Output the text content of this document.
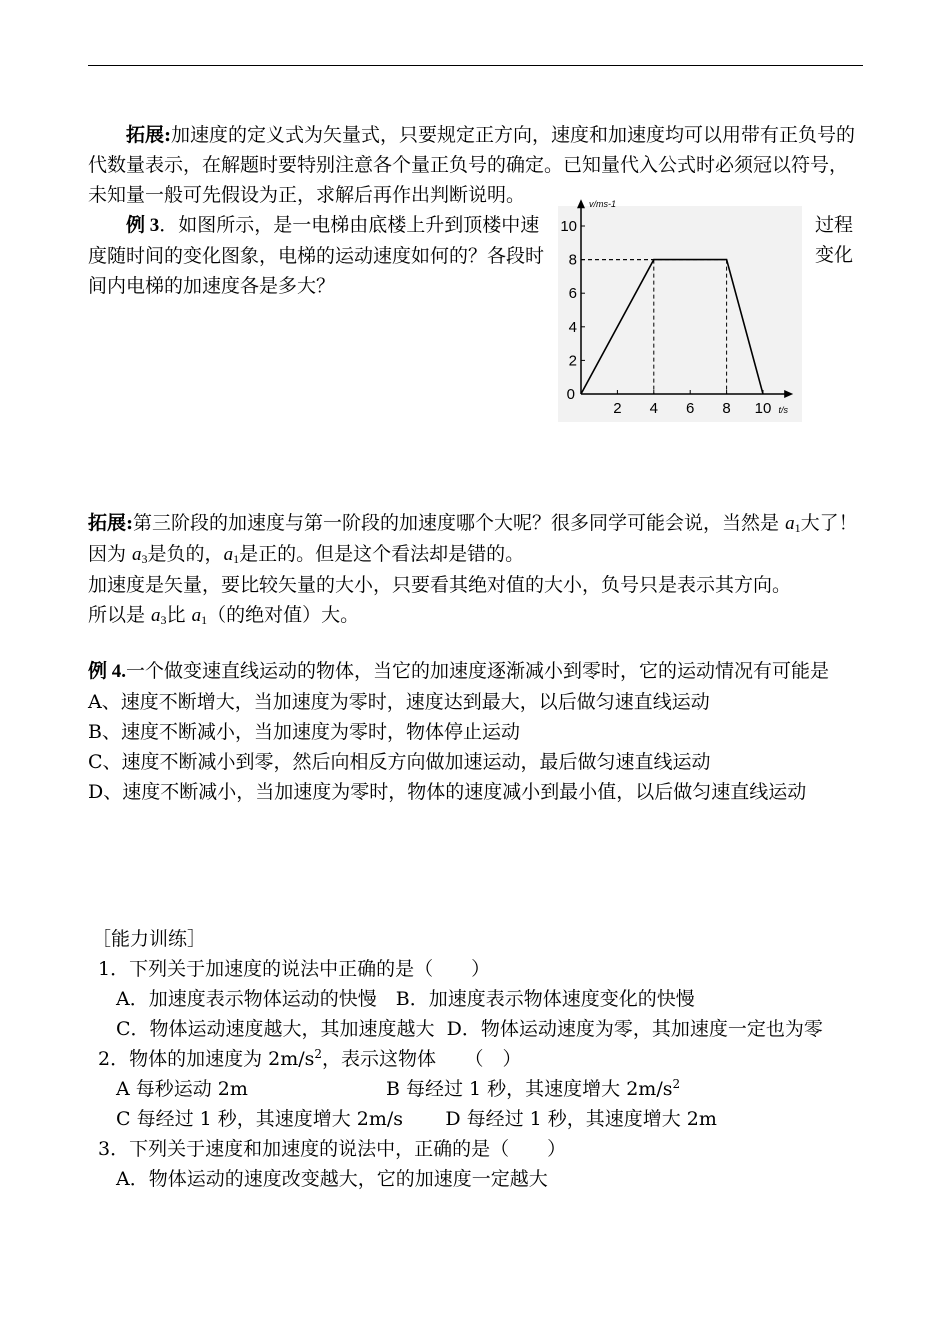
拓展:加速度的定义式为矢量式，只要规定正方向，速度和加速度均可以用带有正负号的代数量表示，在解题时要特别注意各个量正负号的确定。已知量代入公式时必须冠以符号，未知量一般可先假设为正，求解后再作出判断说明。

例 3．如图所示，是一电梯由底楼上升到顶楼中速度随时间的变化图象，电梯的运动速度如何的？各段时间内电梯的加速度各是多大？

过程
变化
2 4 6 8 10
2
4
6
8
10
0
t/s
v/ms-1

拓展:第三阶段的加速度与第一阶段的加速度哪个大呢？很多同学可能会说，当然是 $a_1$大了！ 因为 $a_3$是负的，$a_1$是正的。但是这个看法却是错的。

加速度是矢量，要比较矢量的大小，只要看其绝对值的大小，负号只是表示其方向。

所以是 $a_3$比 $a_1$（的绝对值）大。

例 4.一个做变速直线运动的物体，当它的加速度逐渐减小到零时，它的运动情况有可能是

A、速度不断增大，当加速度为零时，速度达到最大，以后做匀速直线运动

B、速度不断减小，当加速度为零时，物体停止运动

C、速度不断减小到零，然后向相反方向做加速运动，最后做匀速直线运动

D、速度不断减小，当加速度为零时，物体的速度减小到最小值，以后做匀速直线运动

［能力训练］

1．下列关于加速度的说法中正确的是（　　）

A．加速度表示物体运动的快慢　 B．加速度表示物体速度变化的快慢

C．物体运动速度越大，其加速度越大 D．物体运动速度为零，其加速度一定也为零

2．物体的加速度为 $2m/s^2$，表示这物体　　（　）

A 每秒运动 2m	B 每经过 1 秒，其速度增大 $2m/s^2$

C 每经过 1 秒，其速度增大 2m/s D 每经过 1 秒，其速度增大 2m

3．下列关于速度和加速度的说法中，正确的是（　　）

A．物体运动的速度改变越大，它的加速度一定越大
